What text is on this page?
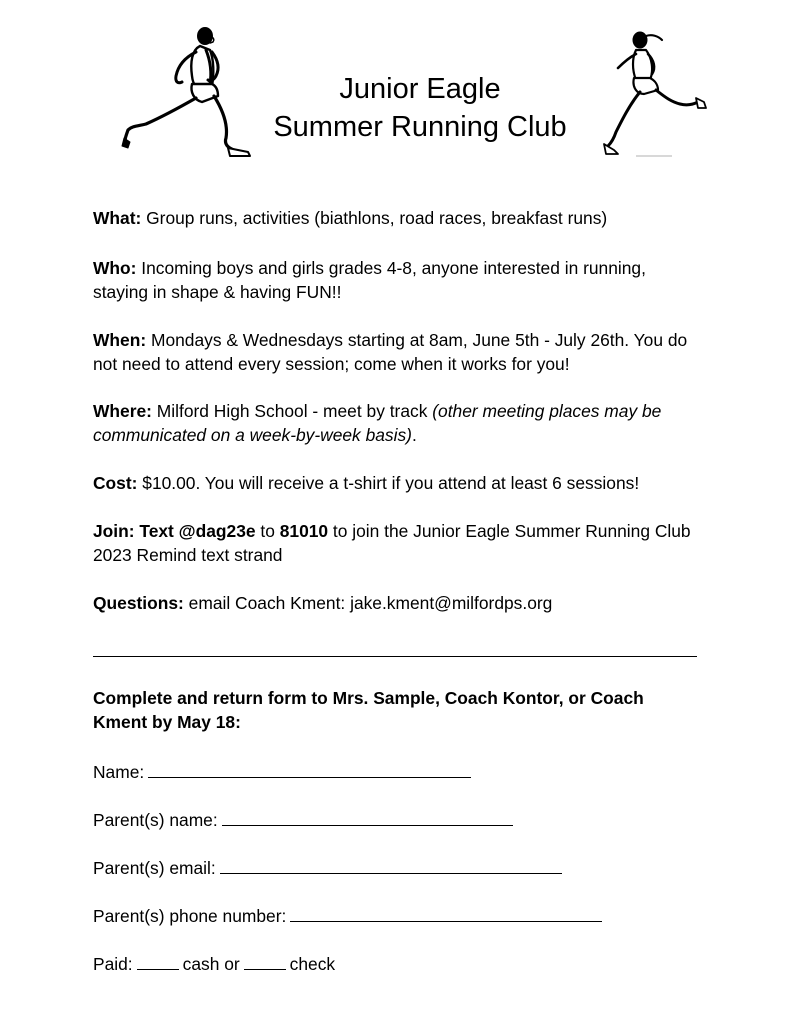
Junior Eagle
Summer Running Club

What: Group runs, activities (biathlons, road races, breakfast runs)

Who: Incoming boys and girls grades 4-8, anyone interested in running, staying in shape & having FUN!!

When: Mondays & Wednesdays starting at 8am, June 5th - July 26th. You do not need to attend every session; come when it works for you!

Where: Milford High School - meet by track (other meeting places may be communicated on a week-by-week basis).

Cost: $10.00. You will receive a t-shirt if you attend at least 6 sessions!

Join: Text @dag23e to 81010 to join the Junior Eagle Summer Running Club 2023 Remind text strand

Questions: email Coach Kment: jake.kment@milfordps.org

Complete and return form to Mrs. Sample, Coach Kontor, or Coach Kment by May 18:
Name:
Parent(s) name:
Parent(s) email:
Parent(s) phone number:
Paid:	cash or	check
